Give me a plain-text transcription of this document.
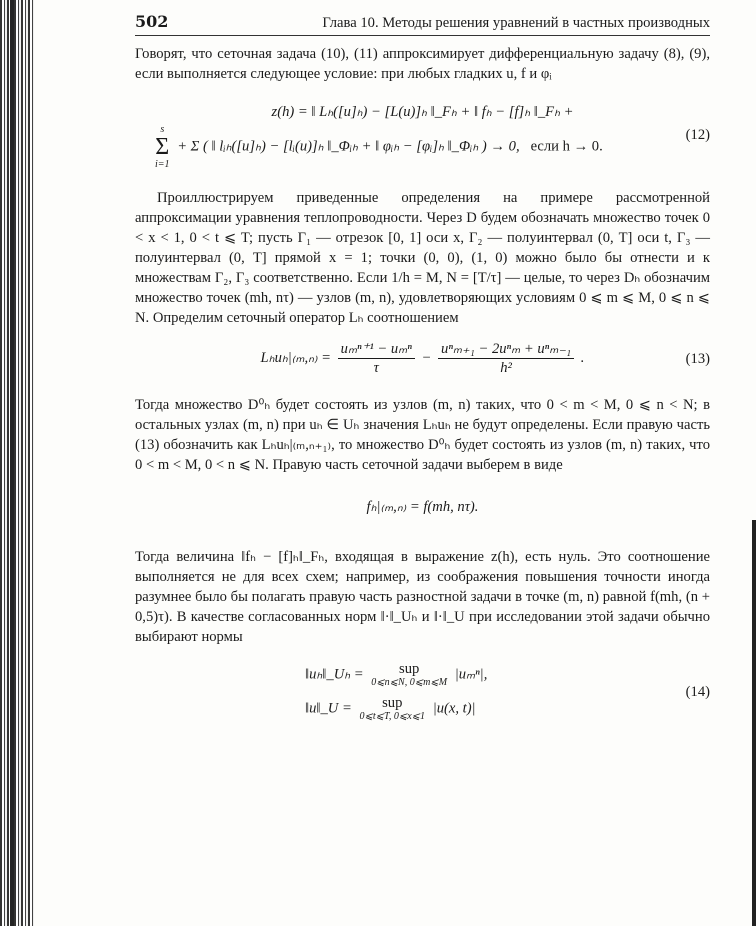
502	Глава 10. Методы решения уравнений в частных производных

Говорят, что сеточная задача (10), (11) аппроксимирует дифференциальную задачу (8), (9), если выполняется следующее условие: при любых гладких u, f и φᵢ

z(h) = ‖ Lₕ([u]ₕ) − [L(u)]ₕ ‖_Fₕ + ‖ fₕ − [f]ₕ ‖_Fₕ +
s
Σ
i=1
+ Σ ( ‖ lᵢₕ([u]ₕ) − [lᵢ(u)]ₕ ‖_Φᵢₕ + ‖ φᵢₕ − [φᵢ]ₕ ‖_Φᵢₕ ) → 0, если h → 0.
(12)

Проиллюстрируем приведенные определения на примере рассмотренной аппроксимации уравнения теплопроводности. Через D будем обозначать множество точек 0 < x < 1, 0 < t ⩽ T; пусть Γ₁ — отрезок [0, 1] оси x, Γ₂ — полуинтервал (0, T] оси t, Γ₃ — полуинтервал (0, T] прямой x = 1; точки (0, 0), (1, 0) можно было бы отнести и к множествам Γ₂, Γ₃ соответственно. Если 1/h = M, N = [T/τ] — целые, то через Dₕ обозначим множество точек (mh, nτ) — узлов (m, n), удовлетворяющих условиям 0 ⩽ m ⩽ M, 0 ⩽ n ⩽ N. Определим сеточный оператор Lₕ соотношением

$L_hu_h|_{(m},_{n)} = \frac{\text{uₘⁿ⁺¹ − uₘⁿ}}{\tau} - \frac{\text{uⁿₘ₊₁ − 2uⁿₘ + uⁿₘ₋₁}}{\text{h²}}$ .	(13)

Тогда множество D⁰ₕ будет состоять из узлов (m, n) таких, что 0 < m < M, 0 ⩽ n < N; в остальных узлах (m, n) при uₕ ∈ Uₕ значения Lₕuₕ не будут определены. Если правую часть (13) обозначить как Lₕuₕ|₍ₘ,ₙ₊₁₎, то множество D⁰ₕ будет состоять из узлов (m, n) таких, что 0 < m < M, 0 < n ⩽ N. Правую часть сеточной задачи выберем в виде

fₕ|₍ₘ,ₙ₎ = f(mh, nτ).

Тогда величина ‖fₕ − [f]ₕ‖_Fₕ, входящая в выражение z(h), есть нуль. Это соотношение выполняется не для всех схем; например, из соображения повышения точности иногда разумнее было бы полагать правую часть разностной задачи в точке (m, n) равной f(mh, (n + 0,5)τ). В качестве согласованных норм ‖·‖_Uₕ и ‖·‖_U при исследовании этой задачи обычно выбирают нормы

‖uₕ‖_Uₕ =	sup
0⩽n⩽N, 0⩽m⩽M
|uₘⁿ|,
‖u‖_U =	sup
0⩽t⩽T, 0⩽x⩽1
|u(x, t)|
(14)
